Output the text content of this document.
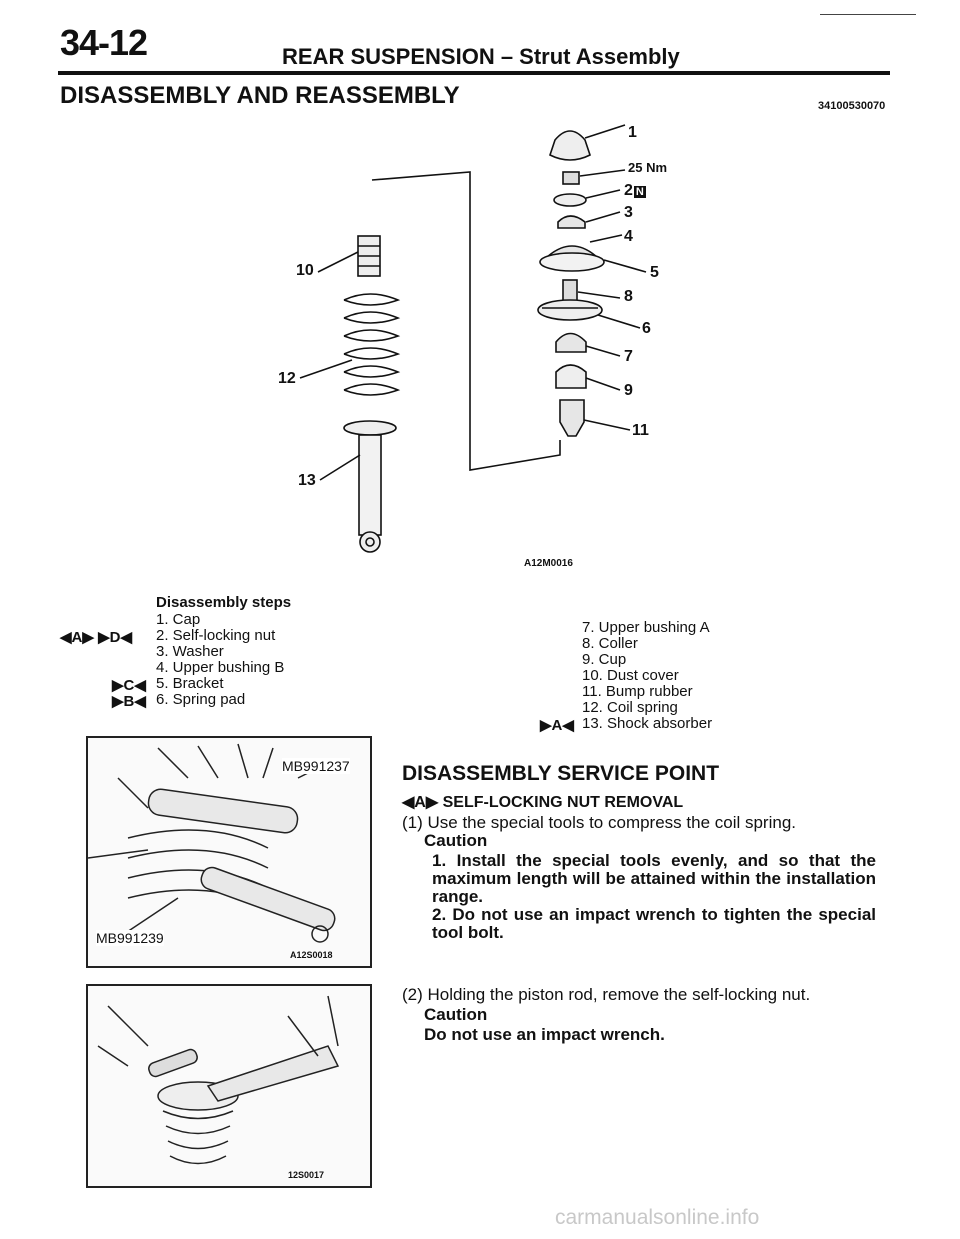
34-12	REAR SUSPENSION – Strut Assembly
DISASSEMBLY AND REASSEMBLY	34100530070
1
25 Nm
2 N
3
4
5
8
6
7
9
11
10
12
13
A12M0016
Disassembly steps
1. Cap
2. Self-locking nut
3. Washer
4. Upper bushing B
5. Bracket
6. Spring pad
◀A▶ ▶D◀
▶C◀
▶B◀
7. Upper bushing A
8. Coller
9. Cup
10. Dust cover
11. Bump rubber
12. Coil spring
13. Shock absorber
▶A◀
MB991237
MB991239
A12S0018
12S0017
DISASSEMBLY SERVICE POINT
◀A▶ SELF-LOCKING NUT REMOVAL
(1) Use the special tools to compress the coil spring.
Caution
1. Install the special tools evenly, and so that the maximum length will be attained within the installation range.
2. Do not use an impact wrench to tighten the special tool bolt.
(2) Holding the piston rod, remove the self-locking nut.
Caution
Do not use an impact wrench.
carmanualsonline.info
